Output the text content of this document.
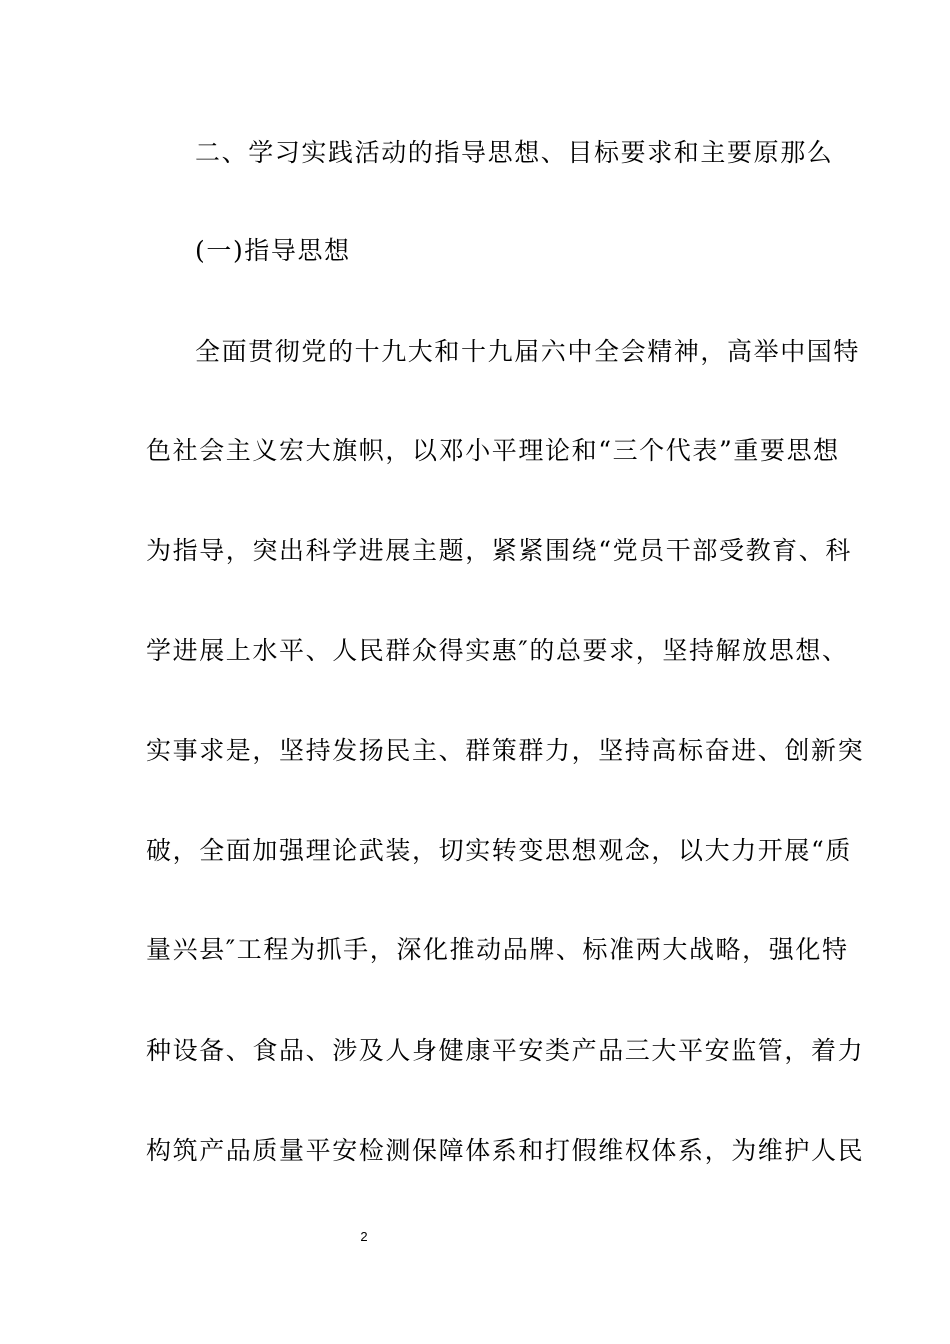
二、学习实践活动的指导思想、目标要求和主要原那么
(一)指导思想
全面贯彻党的十九大和十九届六中全会精神，高举中国特
色社会主义宏大旗帜，以邓小平理论和“三个代表”重要思想
为指导，突出科学进展主题，紧紧围绕“党员干部受教育、科
学进展上水平、人民群众得实惠″的总要求，坚持解放思想、
实事求是，坚持发扬民主、群策群力，坚持高标奋进、创新突
破，全面加强理论武装，切实转变思想观念，以大力开展“质
量兴县″工程为抓手，深化推动品牌、标准两大战略，强化特
种设备、食品、涉及人身健康平安类产品三大平安监管，着力
构筑产品质量平安检测保障体系和打假维权体系，为维护人民
2
